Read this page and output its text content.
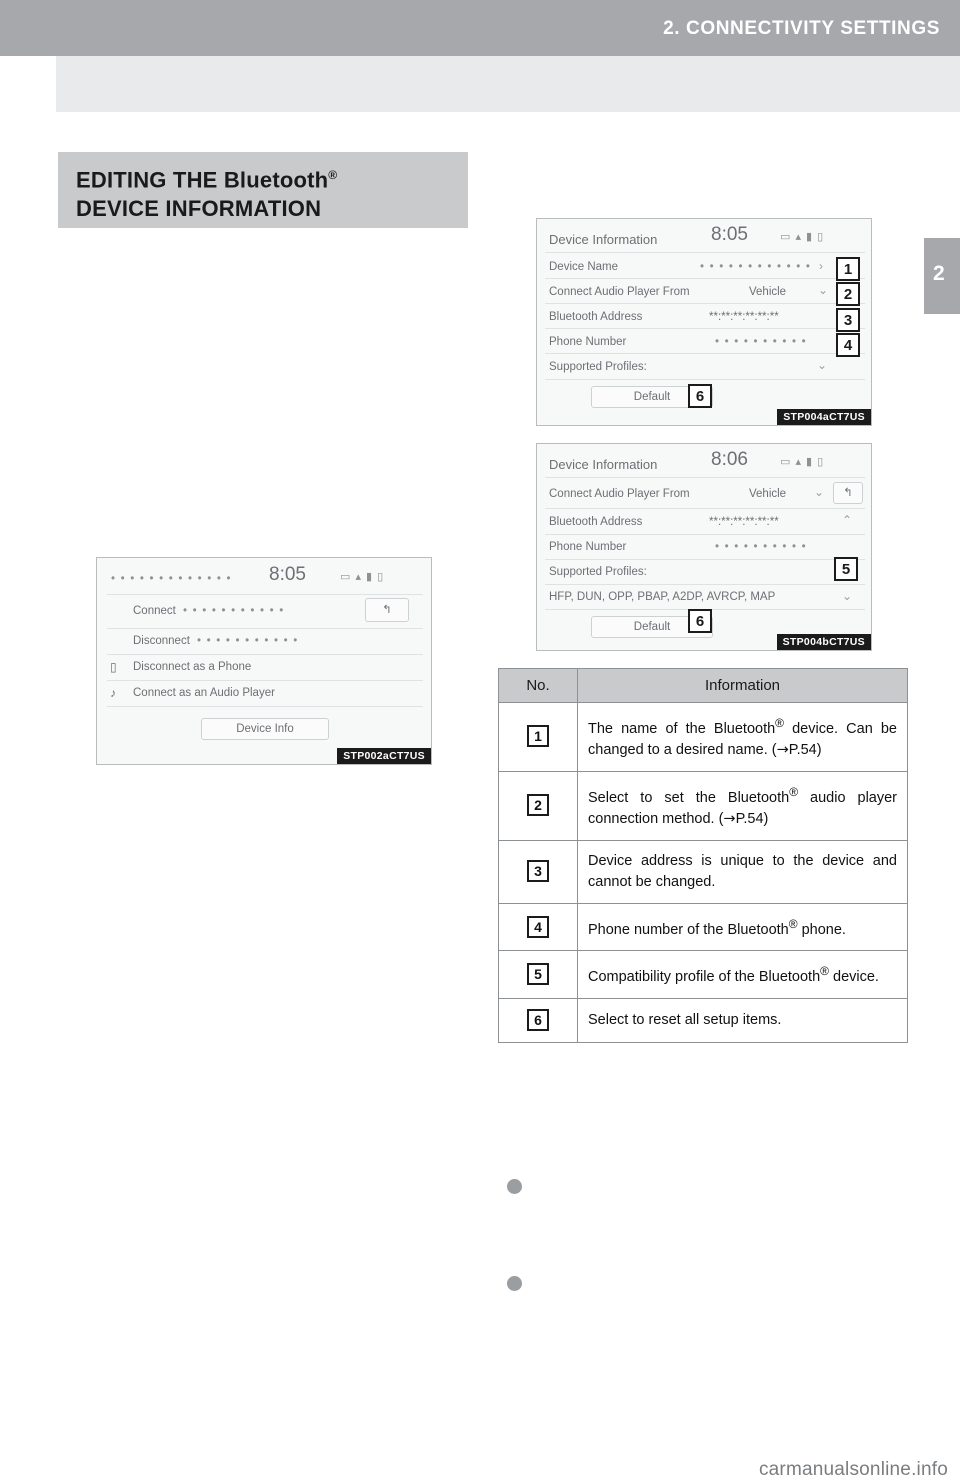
2. CONNECTIVITY SETTINGS
2
EDITING THE Bluetooth®
DEVICE INFORMATION
• • • • • • • • • • • • • 8:05	▭ ▴ ▮ ▯
Connect • • • • • • • • • • •	↰
Disconnect • • • • • • • • • • •
▯ Disconnect as a Phone
♪ Connect as an Audio Player
Device Info
STP002aCT7US
Device Information	8:05	▭ ▴ ▮ ▯
Device Name	• • • • • • • • • • • • ›
Connect Audio Player From	Vehicle	⌄
Bluetooth Address	**:**:**:**:**:**
Phone Number	• • • • • • • • • •
Supported Profiles:	⌄
Default
STP004aCT7US
1
2
3
4
6
Device Information	8:06	▭ ▴ ▮ ▯
Connect Audio Player From	Vehicle ⌄	↰
Bluetooth Address	**:**:**:**:**:**	⌃
Phone Number	• • • • • • • • • •
Supported Profiles:
HFP, DUN, OPP, PBAP, A2DP, AVRCP, MAP	⌄
Default
STP004bCT7US
5
6
No.	Information
1	The name of the Bluetooth® device. Can be changed to a desired name. (→P.54)
2	Select to set the Bluetooth® audio player connection method. (→P.54)
3	Device address is unique to the device and cannot be changed.
4	Phone number of the Bluetooth® phone.
5	Compatibility profile of the Bluetooth® device.
6	Select to reset all setup items.
carmanualsonline.info
